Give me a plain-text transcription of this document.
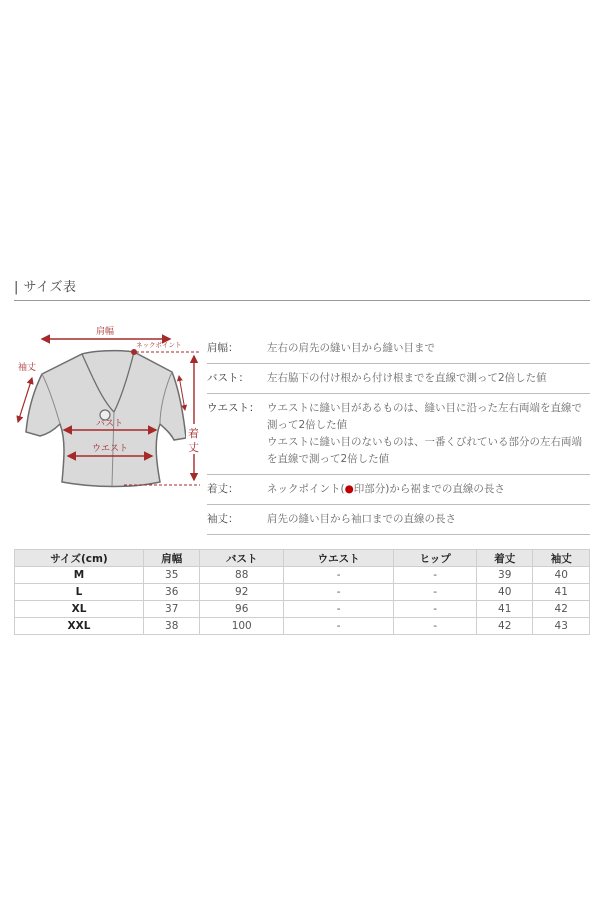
| サイズ表
肩幅
ネックポイント
袖丈
バスト
ウエスト
着
丈
肩幅：	左右の肩先の縫い目から縫い目まで
バスト：	左右脇下の付け根から付け根までを直線で測って2倍した値
ウエスト： ウエストに縫い目があるものは、縫い目に沿った左右両端を直線で
測って2倍した値
ウエストに縫い目のないものは、一番くびれている部分の左右両端
を直線で測って2倍した値
着丈：	ネックポイント(●印部分)から裾までの直線の長さ
袖丈：	肩先の縫い目から袖口までの直線の長さ
サイズ(cm)	肩幅	バスト	ウエスト	ヒップ	着丈	袖丈
M	35	88	-	-	39	40
L	36	92	-	-	40	41
XL	37	96	-	-	41	42
XXL	38	100	-	-	42	43
